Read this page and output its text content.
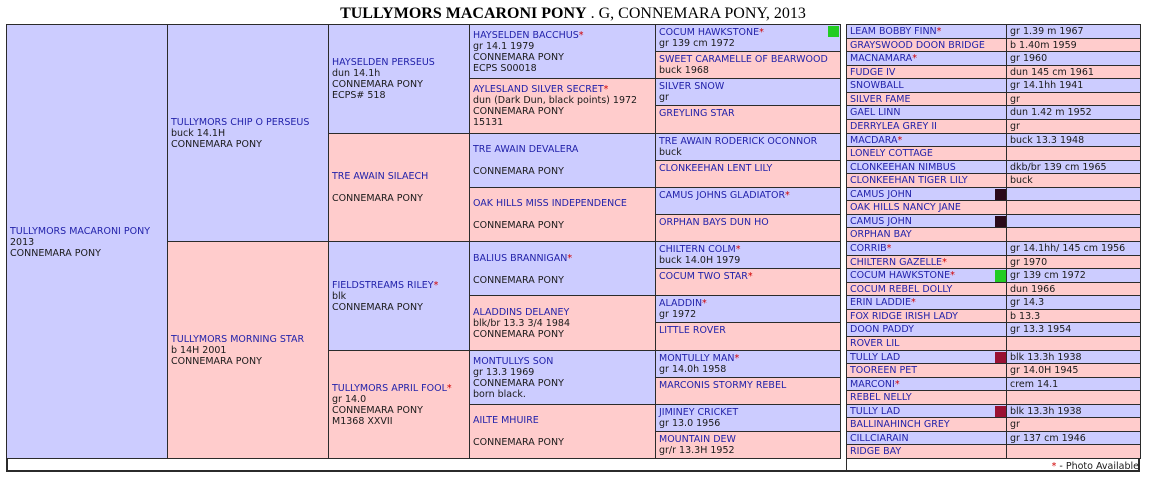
TULLYMORS MACARONI PONY . G, CONNEMARA PONY, 2013
TULLYMORS MACARONI PONY
2013
CONNEMARA PONY
TULLYMORS CHIP O PERSEUS
buck 14.1H
CONNEMARA PONY
TULLYMORS MORNING STAR
b 14H 2001
CONNEMARA PONY
HAYSELDEN PERSEUS
dun 14.1h
CONNEMARA PONY
ECPS# 518
TRE AWAIN SILAECH

CONNEMARA PONY
FIELDSTREAMS RILEY*
blk
CONNEMARA PONY
TULLYMORS APRIL FOOL*
gr 14.0
CONNEMARA PONY
M1368 XXVII
HAYSELDEN BACCHUS*
gr 14.1 1979
CONNEMARA PONY
ECPS S00018
AYLESLAND SILVER SECRET*
dun (Dark Dun, black points) 1972
CONNEMARA PONY
15131
TRE AWAIN DEVALERA

CONNEMARA PONY
OAK HILLS MISS INDEPENDENCE

CONNEMARA PONY
BALIUS BRANNIGAN*

CONNEMARA PONY
ALADDINS DELANEY
blk/br 13.3 3/4 1984
CONNEMARA PONY
MONTULLYS SON
gr 13.3 1969
CONNEMARA PONY
born black.
AILTE MHUIRE

CONNEMARA PONY
COCUM HAWKSTONE*
gr 139 cm 1972
SWEET CARAMELLE OF BEARWOOD
buck 1968
SILVER SNOW
gr
GREYLING STAR
TRE AWAIN RODERICK OCONNOR
buck
CLONKEEHAN LENT LILY
CAMUS JOHNS GLADIATOR*
ORPHAN BAYS DUN HO
CHILTERN COLM*
buck 14.0H 1979
COCUM TWO STAR*
ALADDIN*
gr 1972
LITTLE ROVER
MONTULLY MAN*
gr 14.0h 1958
MARCONIS STORMY REBEL
JIMINEY CRICKET
gr 13.0 1956
MOUNTAIN DEW
gr/r 13.3H 1952
LEAM BOBBY FINN*	gr 1.39 m 1967
GRAYSWOOD DOON BRIDGE	b 1.40m 1959
MACNAMARA*	gr 1960
FUDGE IV	dun 145 cm 1961
SNOWBALL	gr 14.1hh 1941
SILVER FAME	gr
GAEL LINN	dun 1.42 m 1952
DERRYLEA GREY II	gr
MACDARA*	buck 13.3 1948
LONELY COTTAGE
CLONKEEHAN NIMBUS	dkb/br 139 cm 1965
CLONKEEHAN TIGER LILY	buck
CAMUS JOHN
OAK HILLS NANCY JANE
CAMUS JOHN
ORPHAN BAY
CORRIB*	gr 14.1hh/ 145 cm 1956
CHILTERN GAZELLE*	gr 1970
COCUM HAWKSTONE*	gr 139 cm 1972
COCUM REBEL DOLLY	dun 1966
ERIN LADDIE*	gr 14.3
FOX RIDGE IRISH LADY	b 13.3
DOON PADDY	gr 13.3 1954
ROVER LIL
TULLY LAD	blk 13.3h 1938
TOOREEN PET	gr 14.0H 1945
MARCONI*	crem 14.1
REBEL NELLY
TULLY LAD	blk 13.3h 1938
BALLINAHINCH GREY	gr
CILLCIARAIN	gr 137 cm 1946
RIDGE BAY
* - Photo Available
